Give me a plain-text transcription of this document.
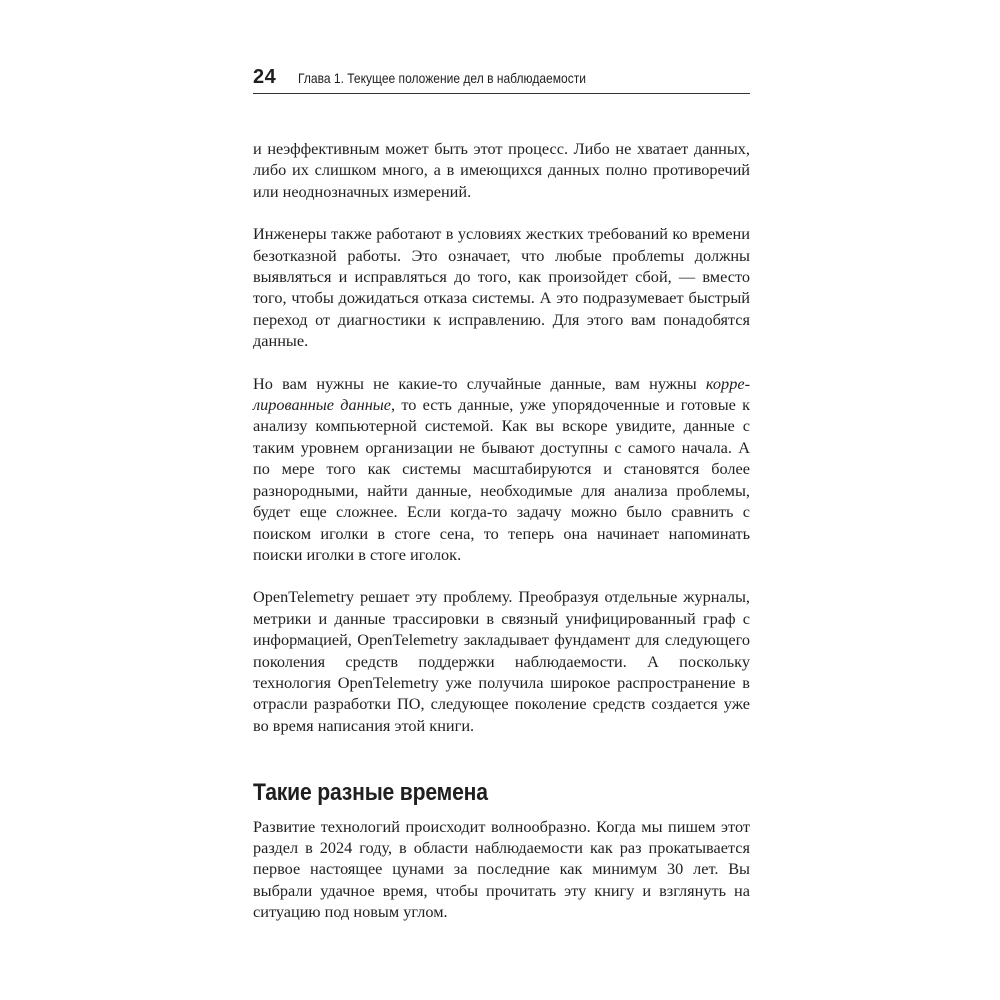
24 Глава 1. Текущее положение дел в наблюдаемости

и неэффективным может быть этот процесс. Либо не хватает данных, либо их слишком много, а в имеющихся данных полно противоречий или неоднозначных измерений.

Инженеры также работают в условиях жестких требований ко времени безотказной работы. Это означает, что любые проблеmы должны выявляться и исправляться до того, как произойдет сбой, — вместо того, чтобы дожидаться отказа системы. А это подразумевает быстрый переход от диагностики к исправлению. Для этого вам понадобятся данные.

Но вам нужны не какие-то случайные данные, вам нужны коррелированные данные, то есть данные, уже упорядоченные и готовые к анализу компьютерной системой. Как вы вскоре увидите, данные с таким уровнем организации не бывают доступны с самого начала. А по мере того как системы масштабируются и становятся более разнородными, найти данные, необходимые для анализа проблемы, будет еще сложнее. Если когда-то задачу можно было сравнить с поиском иголки в стоге сена, то теперь она начинает напоминать поиски иголки в стоге иголок.

OpenTelemetry решает эту проблему. Преобразуя отдельные журналы, метрики и данные трассировки в связный унифицированный граф с информацией, OpenTelemetry закладывает фундамент для следующего поколения средств поддержки наблюдаемости. А поскольку технология OpenTelemetry уже получила широкое распространение в отрасли разработки ПО, следующее поколение средств создается уже во время написания этой книги.

Такие разные времена

Развитие технологий происходит волнообразно. Когда мы пишем этот раздел в 2024 году, в области наблюдаемости как раз прокатывается первое настоящее цунами за последние как минимум 30 лет. Вы выбрали удачное время, чтобы прочитать эту книгу и взглянуть на ситуацию под новым углом.
